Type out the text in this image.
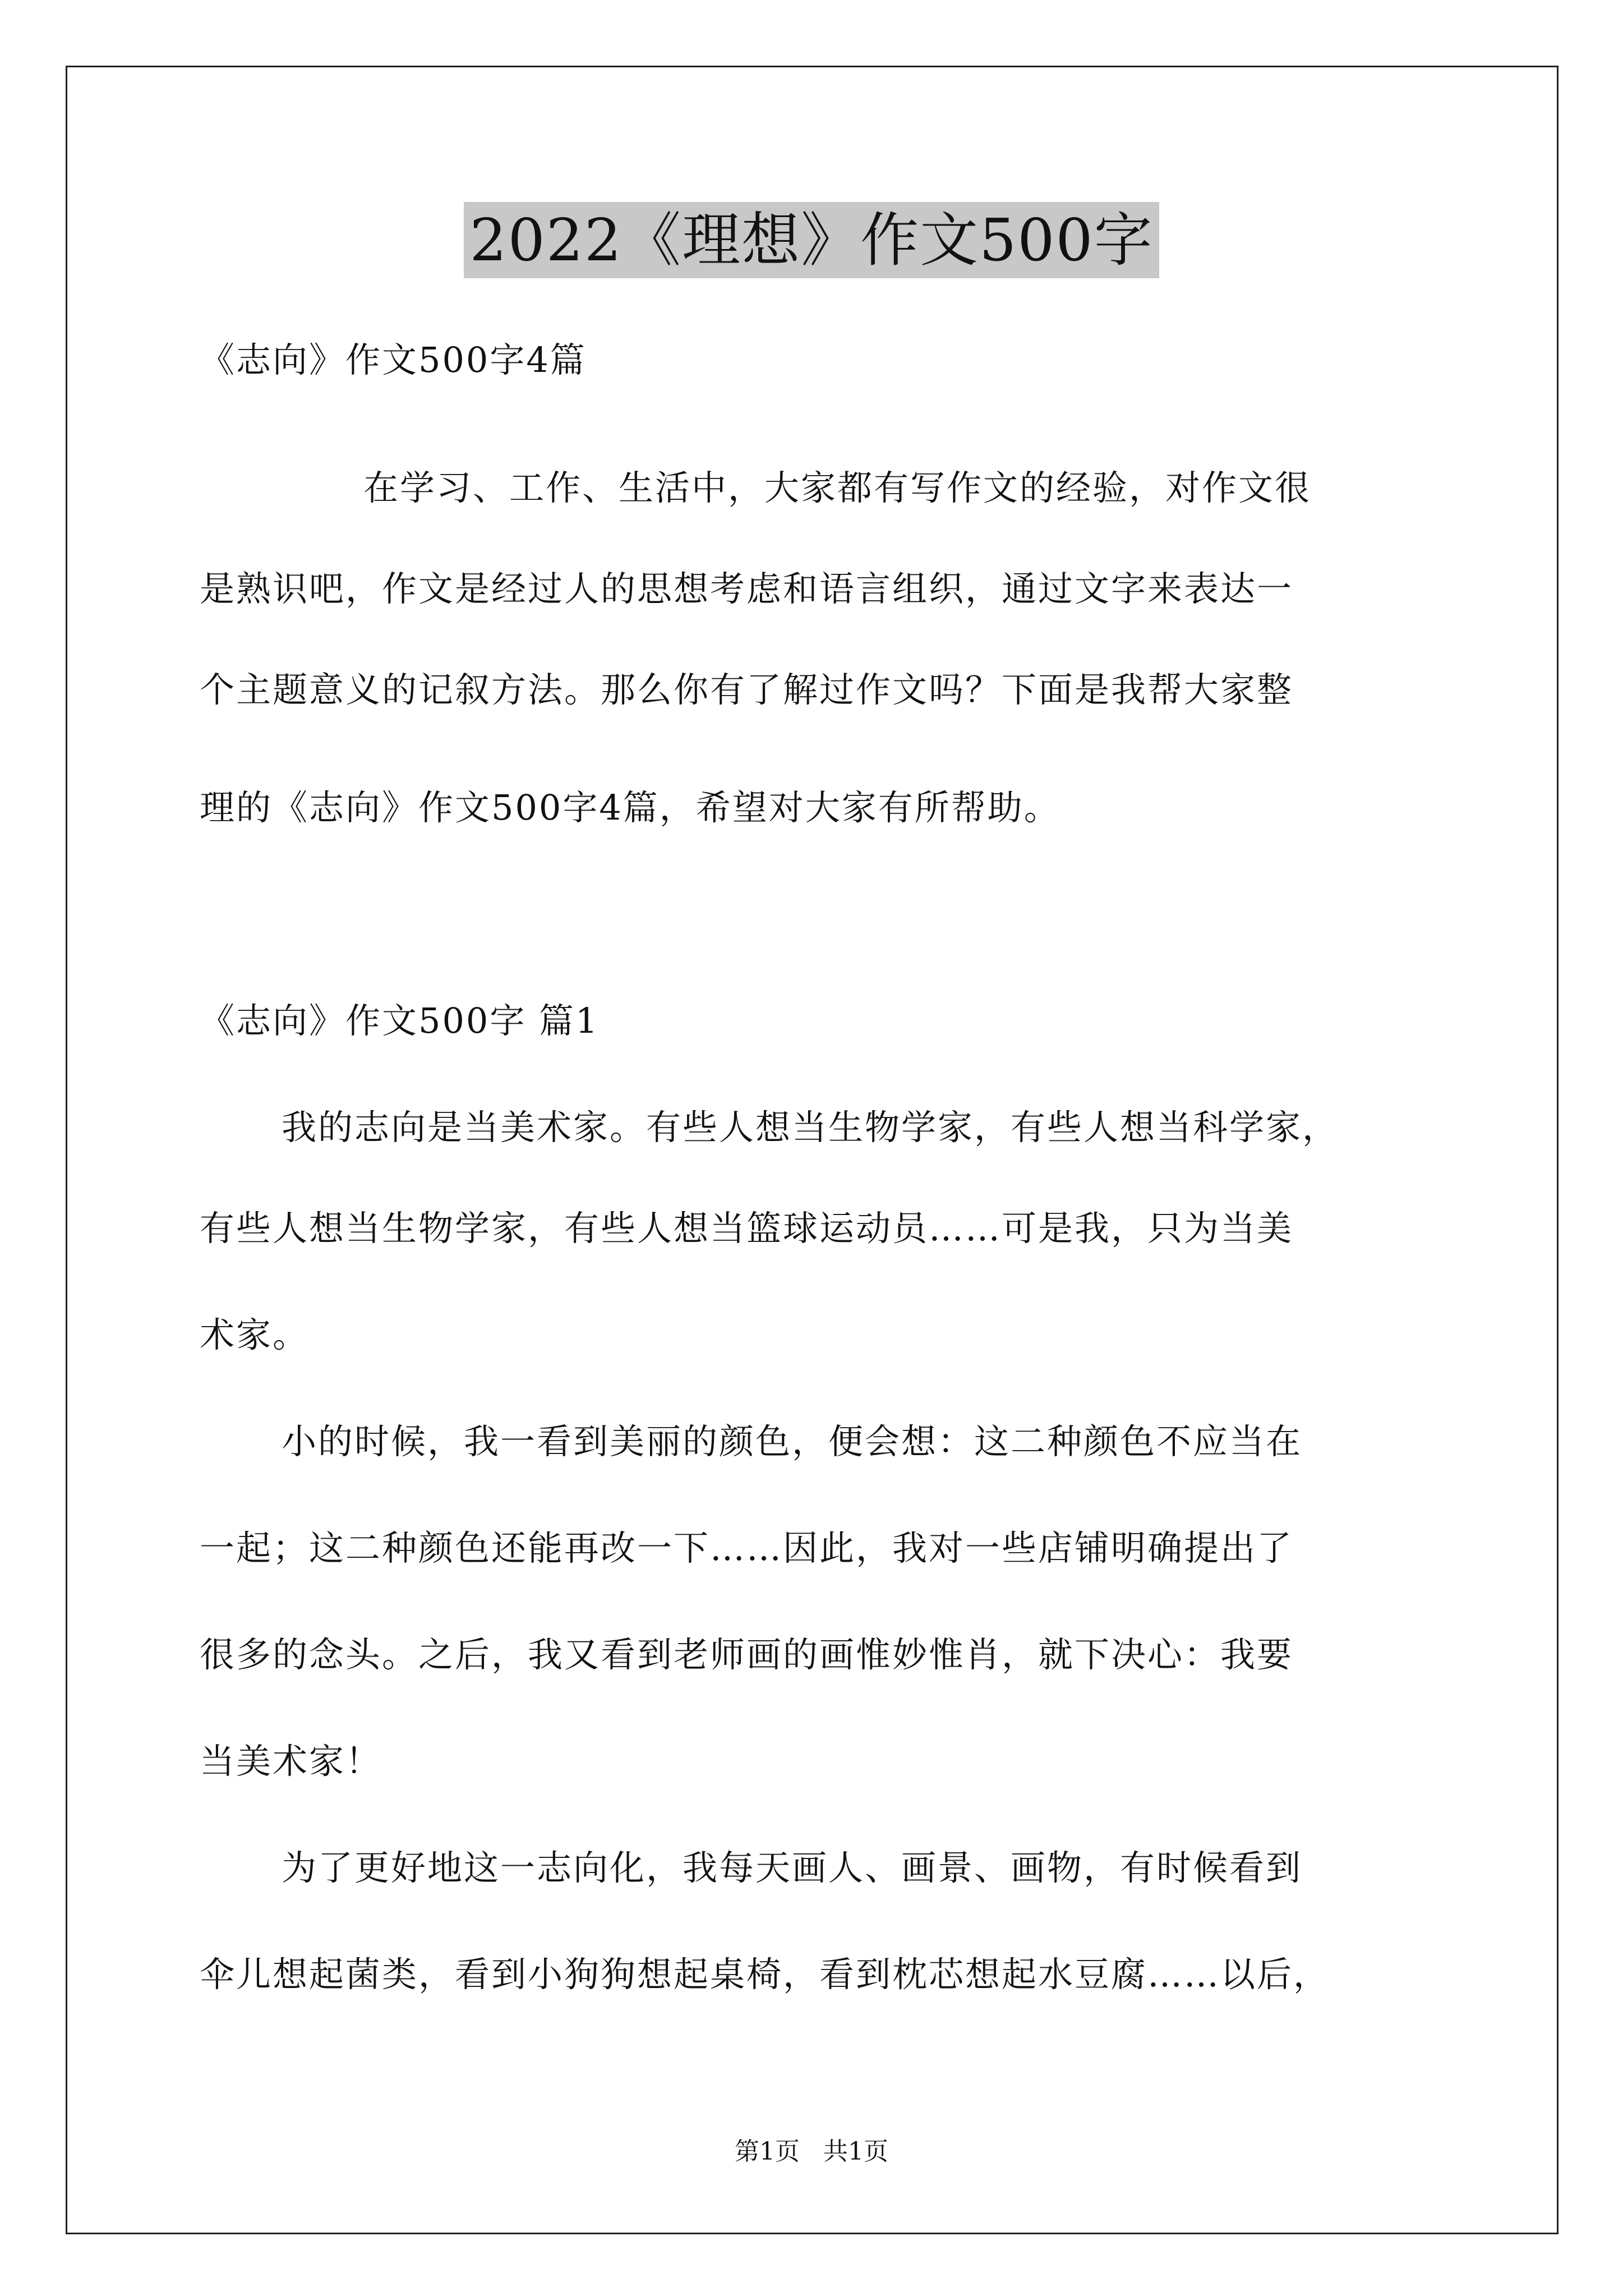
2022《理想》作文500字
《志向》作文500字4篇
在学习、工作、生活中，大家都有写作文的经验，对作文很
是熟识吧，作文是经过人的思想考虑和语言组织，通过文字来表达一
个主题意义的记叙方法。那么你有了解过作文吗？下面是我帮大家整
理的《志向》作文500字4篇，希望对大家有所帮助。
《志向》作文500字 篇1
我的志向是当美术家。有些人想当生物学家，有些人想当科学家，
有些人想当生物学家，有些人想当篮球运动员……可是我，只为当美
术家。
小的时候，我一看到美丽的颜色，便会想：这二种颜色不应当在
一起；这二种颜色还能再改一下……因此，我对一些店铺明确提出了
很多的念头。之后，我又看到老师画的画惟妙惟肖，就下决心：我要
当美术家！
为了更好地这一志向化，我每天画人、画景、画物，有时候看到
伞儿想起菌类，看到小狗狗想起桌椅，看到枕芯想起水豆腐……以后，
第1页   共1页
